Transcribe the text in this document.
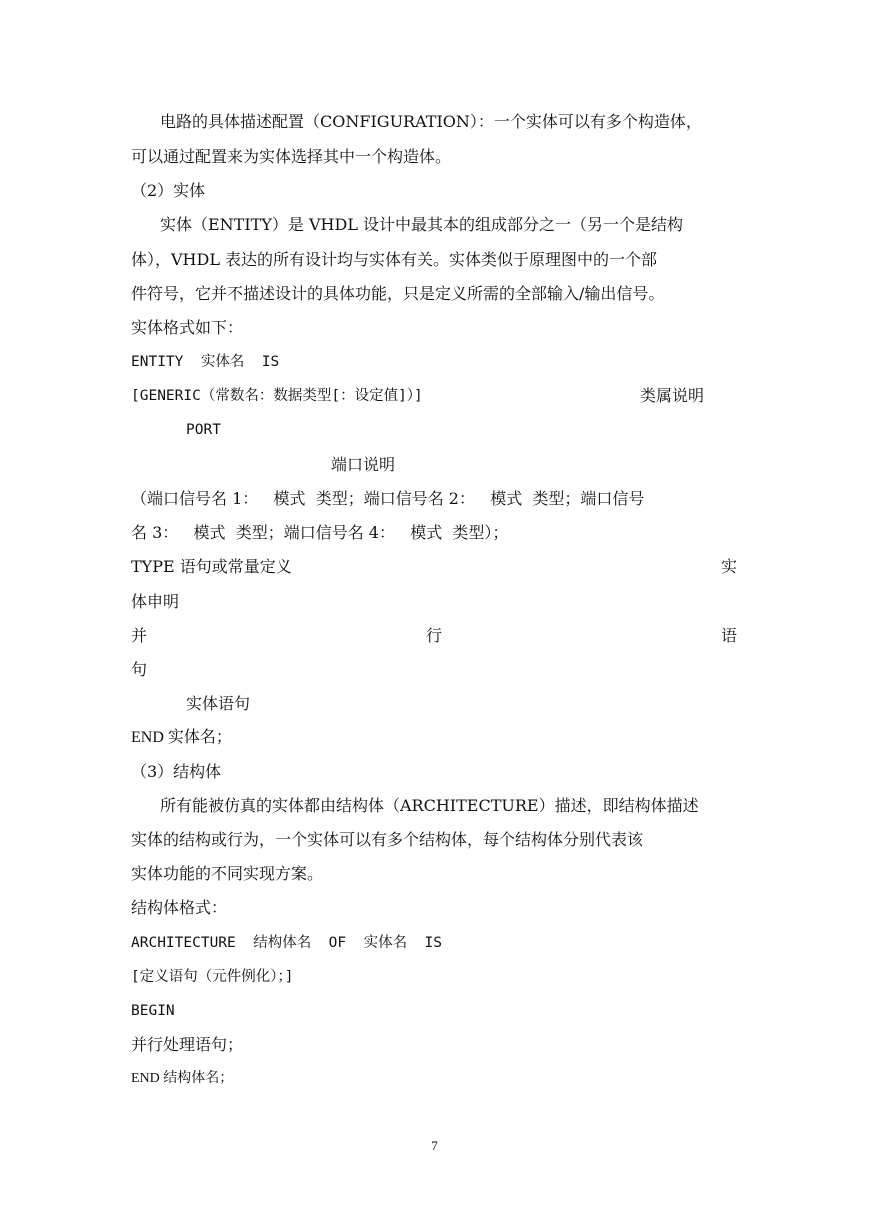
电路的具体描述配置（CONFIGURATION）：一个实体可以有多个构造体，
可以通过配置来为实体选择其中一个构造体。
（2）实体
实体（ENTITY）是 VHDL 设计中最其本的组成部分之一（另一个是结构
体），VHDL 表达的所有设计均与实体有关。实体类似于原理图中的一个部
件符号，它并不描述设计的具体功能，只是定义所需的全部输入/输出信号。
实体格式如下：
ENTITY  实体名  IS
[GENERIC（常数名：数据类型[：设定值]）]	类属说明
PORT
端口说明
（端口信号名 1：   模式  类型；端口信号名 2：   模式  类型；端口信号
名 3：   模式  类型；端口信号名 4：   模式  类型）；
TYPE 语句或常量定义	实
体申明
并	行	语
句
实体语句
END 实体名；
（3）结构体
所有能被仿真的实体都由结构体（ARCHITECTURE）描述，即结构体描述
实体的结构或行为，一个实体可以有多个结构体，每个结构体分别代表该
实体功能的不同实现方案。
结构体格式：
ARCHITECTURE  结构体名  OF  实体名  IS
[定义语句（元件例化）；]
BEGIN
并行处理语句；
END 结构体名；
7
